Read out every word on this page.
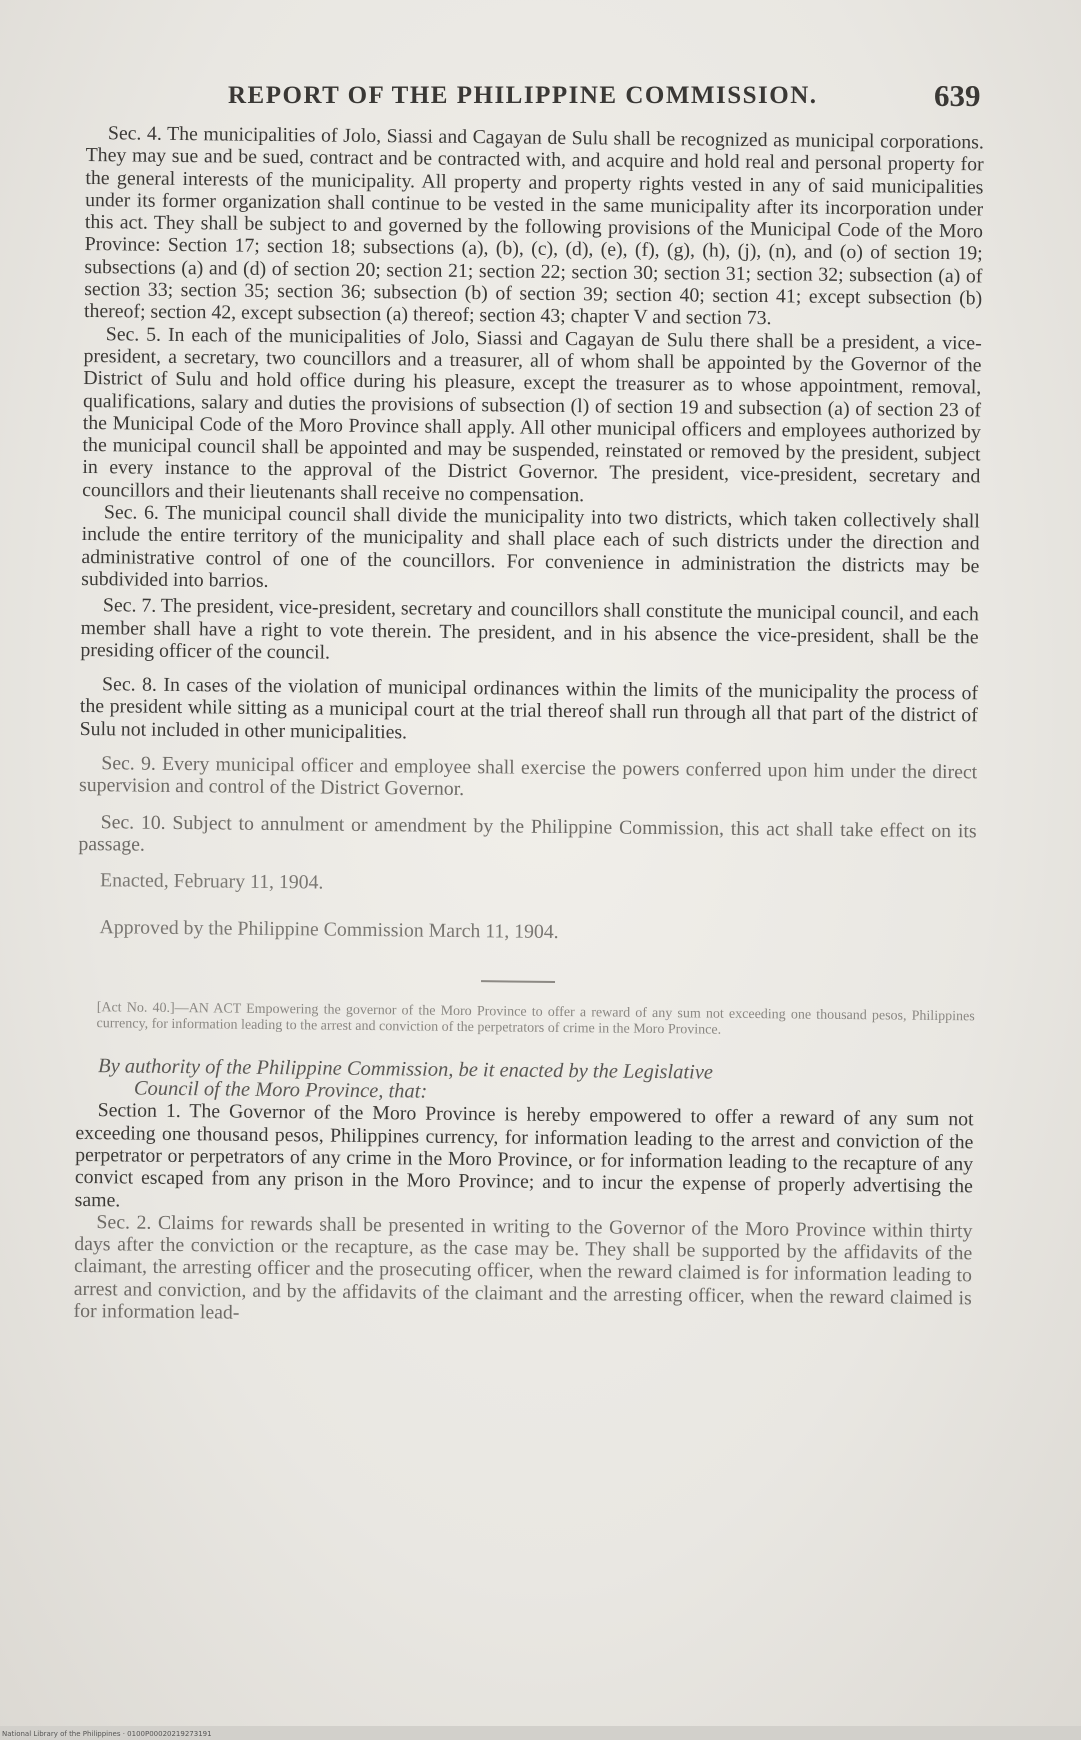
REPORT OF THE PHILIPPINE COMMISSION.	639

Sec. 4. The municipalities of Jolo, Siassi and Cagayan de Sulu shall be recognized as municipal corporations. They may sue and be sued, contract and be contracted with, and acquire and hold real and personal property for the general interests of the municipality. All property and property rights vested in any of said municipalities under its former organization shall continue to be vested in the same municipality after its incorporation under this act. They shall be subject to and governed by the following provisions of the Municipal Code of the Moro Province: Section 17; section 18; subsections (a), (b), (c), (d), (e), (f), (g), (h), (j), (n), and (o) of section 19; subsections (a) and (d) of section 20; section 21; section 22; section 30; section 31; section 32; subsection (a) of section 33; section 35; section 36; subsection (b) of section 39; section 40; section 41; except subsection (b) thereof; section 42, except subsection (a) thereof; section 43; chapter V and section 73.

Sec. 5. In each of the municipalities of Jolo, Siassi and Cagayan de Sulu there shall be a president, a vice-president, a secretary, two councillors and a treasurer, all of whom shall be appointed by the Governor of the District of Sulu and hold office during his pleasure, except the treasurer as to whose appointment, removal, qualifications, salary and duties the provisions of subsection (l) of section 19 and subsection (a) of section 23 of the Municipal Code of the Moro Province shall apply. All other municipal officers and employees authorized by the municipal council shall be appointed and may be suspended, reinstated or removed by the president, subject in every instance to the approval of the District Governor. The president, vice-president, secretary and councillors and their lieutenants shall receive no compensation.

Sec. 6. The municipal council shall divide the municipality into two districts, which taken collectively shall include the entire territory of the municipality and shall place each of such districts under the direction and administrative control of one of the councillors. For convenience in administration the districts may be subdivided into barrios.

Sec. 7. The president, vice-president, secretary and councillors shall constitute the municipal council, and each member shall have a right to vote therein. The president, and in his absence the vice-president, shall be the presiding officer of the council.

Sec. 8. In cases of the violation of municipal ordinances within the limits of the municipality the process of the president while sitting as a municipal court at the trial thereof shall run through all that part of the district of Sulu not included in other municipalities.

Sec. 9. Every municipal officer and employee shall exercise the powers conferred upon him under the direct supervision and control of the District Governor.

Sec. 10. Subject to annulment or amendment by the Philippine Commission, this act shall take effect on its passage.

Enacted, February 11, 1904.

Approved by the Philippine Commission March 11, 1904.

[Act No. 40.]—AN ACT Empowering the governor of the Moro Province to offer a reward of any sum not exceeding one thousand pesos, Philippines currency, for information leading to the arrest and conviction of the perpetrators of crime in the Moro Province.

By authority of the Philippine Commission, be it enacted by the Legislative
Council of the Moro Province, that:

Section 1. The Governor of the Moro Province is hereby empowered to offer a reward of any sum not exceeding one thousand pesos, Philippines currency, for information leading to the arrest and conviction of the perpetrator or perpetrators of any crime in the Moro Province, or for information leading to the recapture of any convict escaped from any prison in the Moro Province; and to incur the expense of properly advertising the same.

Sec. 2. Claims for rewards shall be presented in writing to the Governor of the Moro Province within thirty days after the conviction or the recapture, as the case may be. They shall be supported by the affidavits of the claimant, the arresting officer and the prosecuting officer, when the reward claimed is for information leading to arrest and conviction, and by the affidavits of the claimant and the arresting officer, when the reward claimed is for information lead-

National Library of the Philippines · 0100P00020219273191
